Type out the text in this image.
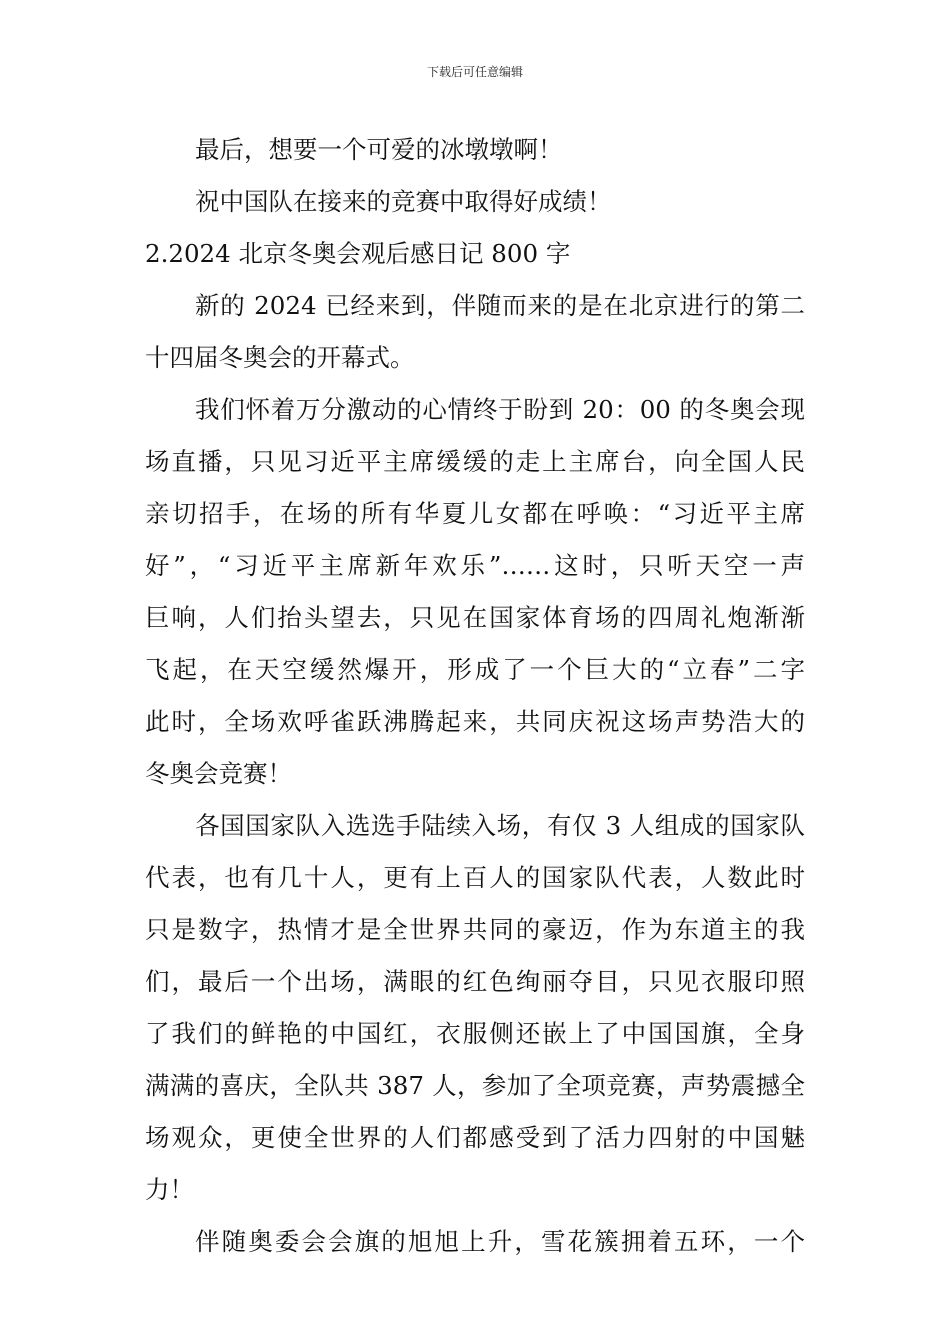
下载后可任意编辑
最后，想要一个可爱的冰墩墩啊！
祝中国队在接来的竞赛中取得好成绩！
2.2024 北京冬奥会观后感日记 800 字
新的 2024 已经来到，伴随而来的是在北京进行的第二
十四届冬奥会的开幕式。
我们怀着万分激动的心情终于盼到 20：00 的冬奥会现
场直播，只见习近平主席缓缓的走上主席台，向全国人民
亲切招手，在场的所有华夏儿女都在呼唤：“习近平主席
好”，“习近平主席新年欢乐”……这时，只听天空一声
巨响，人们抬头望去，只见在国家体育场的四周礼炮渐渐
飞起，在天空缓然爆开，形成了一个巨大的“立春”二字
此时，全场欢呼雀跃沸腾起来，共同庆祝这场声势浩大的
冬奥会竞赛！
各国国家队入选选手陆续入场，有仅 3 人组成的国家队
代表，也有几十人，更有上百人的国家队代表，人数此时
只是数字，热情才是全世界共同的豪迈，作为东道主的我
们，最后一个出场，满眼的红色绚丽夺目，只见衣服印照
了我们的鲜艳的中国红，衣服侧还嵌上了中国国旗，全身
满满的喜庆，全队共 387 人，参加了全项竞赛，声势震撼全
场观众，更使全世界的人们都感受到了活力四射的中国魅
力！
伴随奥委会会旗的旭旭上升，雪花簇拥着五环，一个
